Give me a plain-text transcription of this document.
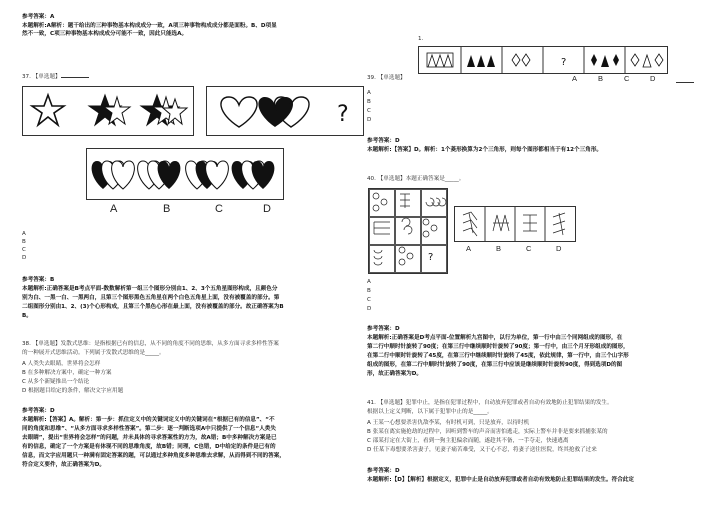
参考答案：A
本题解析:A解析：题干给出的三种事物基本构成成分一致，A项三种事物构成成分都是面粉。B、D项显
然不一致，C项三种事物基本构成成分可能不一致，因此只能选A。
37. 【单选题】
?
A	B	C	D
A
B
C
D
参考答案：B
本题解析:正确答案是B考点平面-数数解析第一组三个图形分别由1、2、3个五角星图形构成，且颜色分
别为白、一黑一白、一黑两白，且第三个图形黑色五角星在两个白色五角星上面，没有被覆盖的部分。第
二组图形分别由1、2、(3)个心形构成，且第三个黑色心形在最上面，没有被覆盖的部分。故正确答案为B
B。
38. 【单选题】发散式思维：是指根据已有的信息，从不同的角度不同的思维，从多方面寻求多样性答案
的一种展开式思维活动。下列属于发散式思维的是_____。
A 人类失去眼睛，世界将会怎样
B 在多种解决方案中，确定一种方案
C 从多个新疑推出一个结论
D 根据题目给定的条件，解决文字应用题
参考答案：D
本题解析:【答案】A。解析：第一步：抓住定义中的关键词定义中的关键词在“根据已有的信息”、“不
同的角度和思维”、“从多方面寻求多样性答案”。第二步：逐一判断选项A中只提供了一个信息“人类失
去眼睛”，提出“世界将会怎样”的问题，并未具体的寻求答案性的方为，故A错；B中多种解决方案是已
有的信息，确定了一个方案是有体现不同的思维角度，故B错；同理，C也错，D中给定的条件是已有的
信息，而文字应用题只一种满有固定答案的题，可以通过多种角度多种思维去求解，从而得到不同的答案，
符合定义要件，故正确答案为D。
1.
?
A	B	C	D
39. 【单选题】
A
B
C
D
参考答案：D
本题解析:【答案】D。解析：1个菱形换算为2个三角形，则每个图形都相当于有12个三角形。
40. 【单选题】本题正确答案是_____。
?
A	B	C	D
A
B
C
D
参考答案：D
本题解析:正确答案是D考点平面-位置解析九宫图中，以行为单位，第一行中由三个同网组成的图形，在
第二行中顺时针旋转了90度；在第三行中继续顺时针旋转了90度；第一行中，由三个月牙形组成的图形，
在第二行中顺时针旋转了45度，在第三行中继续顺时针旋转了45度，依此规律，第一行中，由三个山字形
组成的图形，在第二行中顺时针旋转了90度，在第三行中应该是继续顺时针旋转90度，得到选项D的图
形，故正确答案为D。
41. 【单选题】犯罪中止，是指在犯罪过程中，自动放弃犯罪或者自动有效地防止犯罪结果的发生。
根据以上定义判断，以下属于犯罪中止的是_____。
A 王某一心想要杀害仇敌李某，有时机可到，只是放弃，以待时机
B 张某在离实施抢劫的过程中，因听到警车的声音而害怕逃走，实际上警车并非是要来抓捕张某的
C 邵某打定在大街上，看到一狗主犯偏余而随，遂趁其不备，一手夺走，快速逃离
D 任某下毒想要杀害妻子，见妻子痛苦难受，又于心不忍，将妻子送往医院，终其抢救了过来
参考答案：D
本题解析:【D】【解析】根据定义，犯罪中止是自动放弃犯罪或者自动有效地防止犯罪结果的发生。符合此定
